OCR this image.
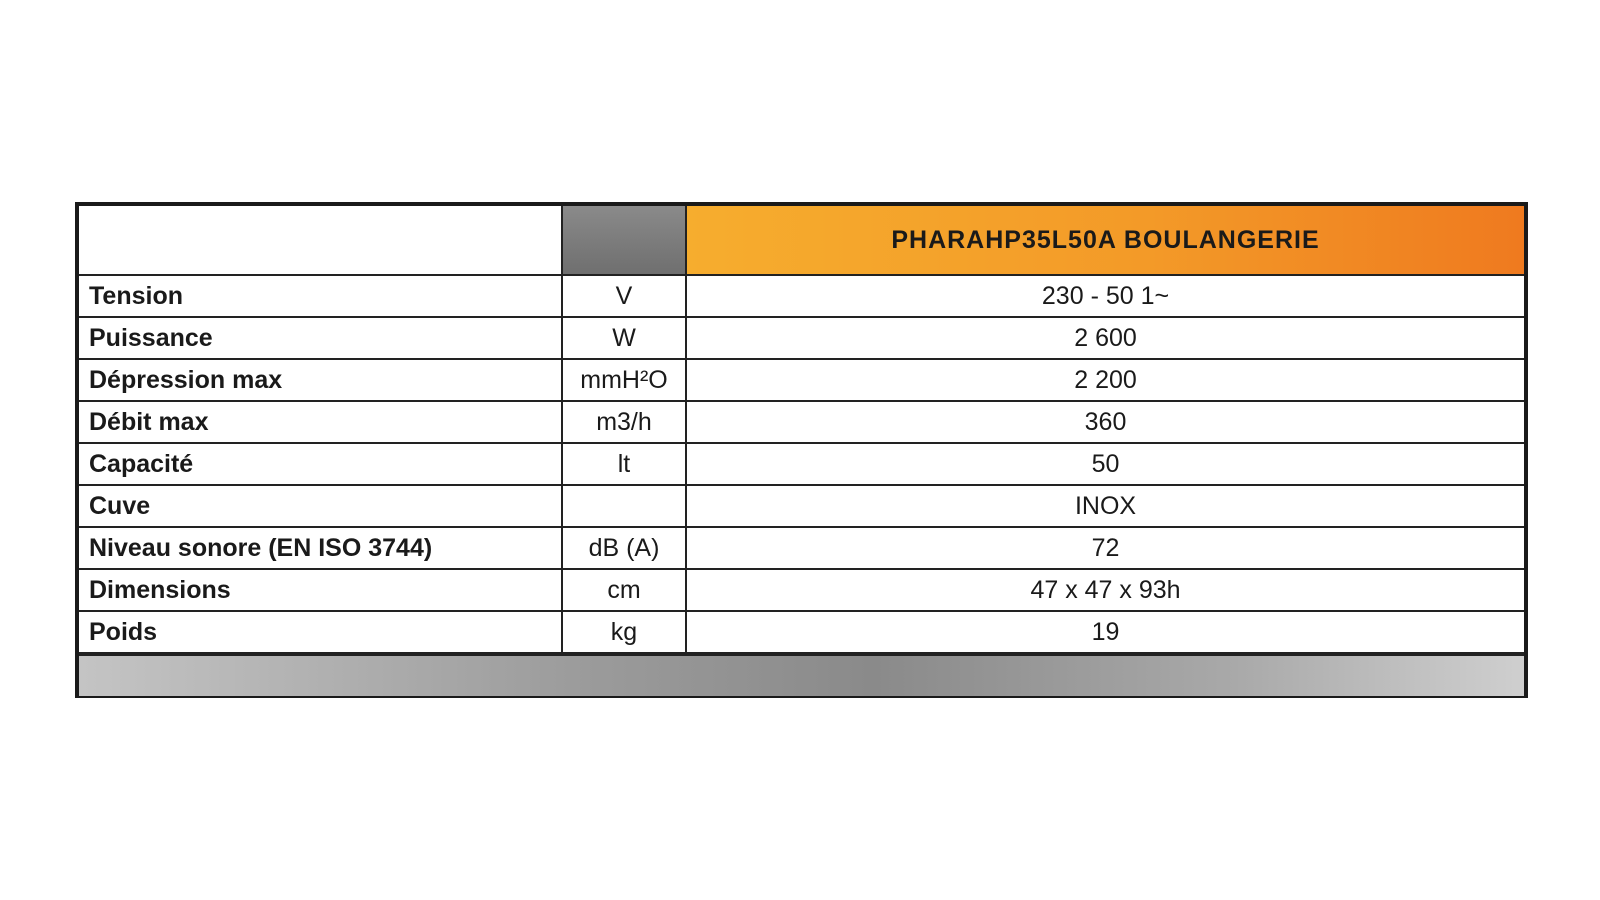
		PHARAHP35L50A BOULANGERIE
Tension	V	230 - 50 1~
Puissance	W	2 600
Dépression max	mmH²O	2 200
Débit max	m3/h	360
Capacité	lt	50
Cuve		INOX
Niveau sonore (EN ISO 3744)	dB (A)	72
Dimensions	cm	47 x 47 x 93h
Poids	kg	19
